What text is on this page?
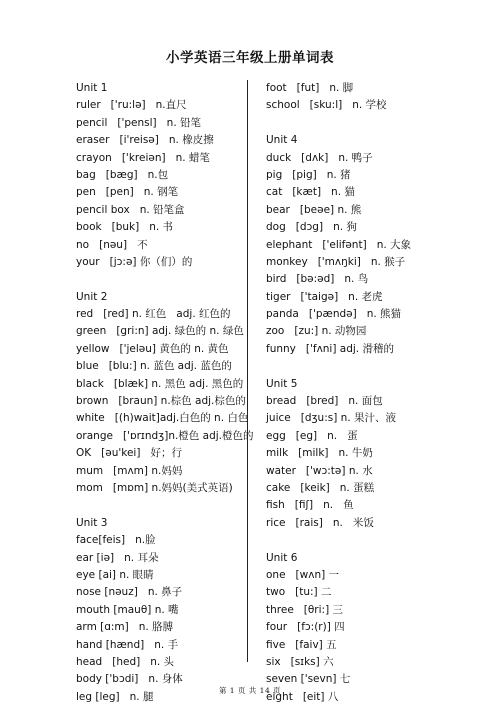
小学英语三年级上册单词表
Unit 1
ruler   ['ru:lə]   n.直尺
pencil   ['pensl]   n. 铅笔
eraser   [i'reisə]   n. 橡皮擦
crayon   ['kreiən]   n. 蜡笔
bag   [bæg]   n.包
pen   [pen]   n. 钢笔
pencil box   n. 铅笔盒
book   [buk]   n. 书
no   [nəu]   不
your   [jɔ:ə] 你（们）的
Unit 2
red   [red] n. 红色   adj. 红色的
green   [gri:n] adj. 绿色的 n. 绿色
yellow   ['jeləu] 黄色的 n. 黄色
blue   [blu:] n. 蓝色 adj. 蓝色的
black   [blæk] n. 黑色 adj. 黑色的
brown   [braun] n.棕色 adj.棕色的
white   [(h)wait]adj.白色的 n. 白色
orange   ['ɒrɪndʒ]n.橙色 adj.橙色的
OK   [əu'kei]   好；行
mum   [mʌm] n.妈妈
mom   [mɒm] n.妈妈(美式英语)
Unit 3
face[feis]   n.脸
ear [iə]   n. 耳朵
eye [ai] n. 眼睛
nose [nəuz]   n. 鼻子
mouth [mauθ] n. 嘴
arm [ɑ:m]   n. 胳膊
hand [hænd]   n. 手
head   [hed]   n. 头
body ['bɔdi]   n. 身体
leg [leg]   n. 腿
foot   [fut]   n. 脚
school   [sku:l]   n. 学校
Unit 4
duck   [dʌk]   n. 鸭子
pig   [pig]   n. 猪
cat   [kæt]   n. 猫
bear   [beəe] n. 熊
dog   [dɔg]   n. 狗
elephant   ['elifənt]   n. 大象
monkey   ['mʌŋki]   n. 猴子
bird   [bə:əd]   n. 鸟
tiger   ['taigə]   n. 老虎
panda   ['pændə]   n. 熊猫
zoo   [zu:] n. 动物园
funny   ['fʌni] adj. 滑稽的
Unit 5
bread   [bred]   n. 面包
juice   [dʒu:s] n. 果汁、液
egg   [eg]   n.   蛋
milk   [milk]   n. 牛奶
water   ['wɔ:tə] n. 水
cake   [keik]   n. 蛋糕
fish   [fiʃ]   n.   鱼
rice   [rais]   n.   米饭
Unit 6
one   [wʌn] 一
two   [tu:] 二
three   [θri:] 三
four   [fɔ:(r)] 四
five   [faiv] 五
six   [sɪks] 六
seven ['sevn] 七
eight   [eit] 八
第 1 页 共 14 页
